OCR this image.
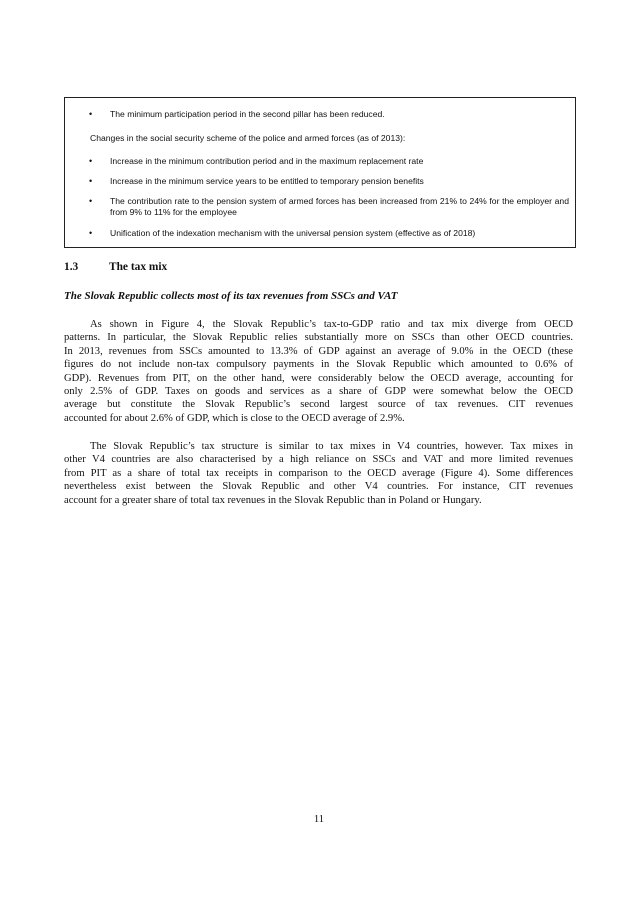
• The minimum participation period in the second pillar has been reduced.
Changes in the social security scheme of the police and armed forces (as of 2013):
• Increase in the minimum contribution period and in the maximum replacement rate
• Increase in the minimum service years to be entitled to temporary pension benefits
• The contribution rate to the pension system of armed forces has been increased from 21% to 24% for the employer and from 9% to 11% for the employee
• Unification of the indexation mechanism with the universal pension system (effective as of 2018)
1.3	The tax mix
The Slovak Republic collects most of its tax revenues from SSCs and VAT
As shown in Figure 4, the Slovak Republic’s tax-to-GDP ratio and tax mix diverge from OECD
patterns. In particular, the Slovak Republic relies substantially more on SSCs than other OECD countries.
In 2013, revenues from SSCs amounted to 13.3% of GDP against an average of 9.0% in the OECD (these
figures do not include non-tax compulsory payments in the Slovak Republic which amounted to 0.6% of
GDP). Revenues from PIT, on the other hand, were considerably below the OECD average, accounting for
only 2.5% of GDP. Taxes on goods and services as a share of GDP were somewhat below the OECD
average but constitute the Slovak Republic’s second largest source of tax revenues. CIT revenues
accounted for about 2.6% of GDP, which is close to the OECD average of 2.9%.
The Slovak Republic’s tax structure is similar to tax mixes in V4 countries, however. Tax mixes in
other V4 countries are also characterised by a high reliance on SSCs and VAT and more limited revenues
from PIT as a share of total tax receipts in comparison to the OECD average (Figure 4). Some differences
nevertheless exist between the Slovak Republic and other V4 countries. For instance, CIT revenues
account for a greater share of total tax revenues in the Slovak Republic than in Poland or Hungary.
11
